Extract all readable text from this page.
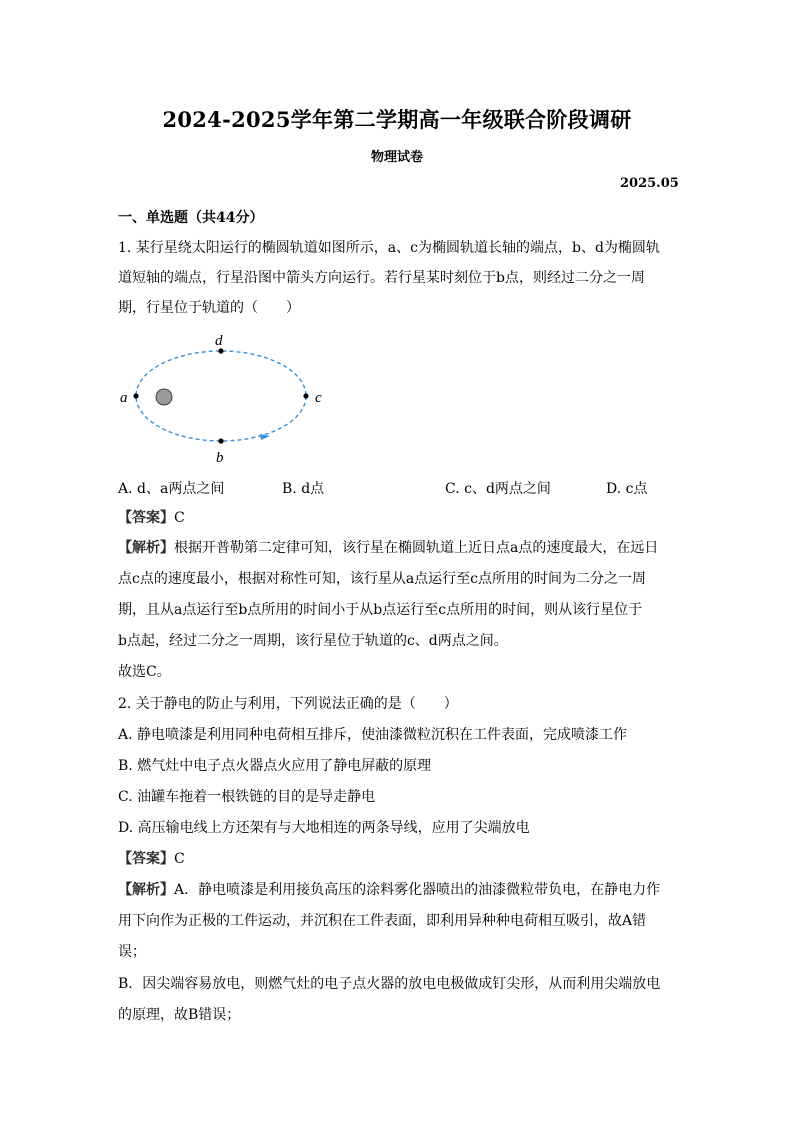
2024-2025学年第二学期高一年级联合阶段调研
物理试卷
2025.05
一、单选题（共44分）
1. 某行星绕太阳运行的椭圆轨道如图所示，a、c为椭圆轨道长轴的端点，b、d为椭圆轨
道短轴的端点，行星沿图中箭头方向运行。若行星某时刻位于b点，则经过二分之一周
期，行星位于轨道的（　　）
a	c
d
b
A. d、a两点之间	B. d点	C. c、d两点之间	D. c点
【答案】C
【解析】根据开普勒第二定律可知，该行星在椭圆轨道上近日点a点的速度最大，在远日
点c点的速度最小，根据对称性可知，该行星从a点运行至c点所用的时间为二分之一周
期，且从a点运行至b点所用的时间小于从b点运行至c点所用的时间，则从该行星位于
b点起，经过二分之一周期，该行星位于轨道的c、d两点之间。
故选C。
2. 关于静电的防止与利用，下列说法正确的是（　　）
A. 静电喷漆是利用同种电荷相互排斥，使油漆微粒沉积在工件表面，完成喷漆工作
B. 燃气灶中电子点火器点火应用了静电屏蔽的原理
C. 油罐车拖着一根铁链的目的是导走静电
D. 高压输电线上方还架有与大地相连的两条导线，应用了尖端放电
【答案】C
【解析】A．静电喷漆是利用接负高压的涂料雾化器喷出的油漆微粒带负电，在静电力作
用下向作为正极的工件运动，并沉积在工件表面，即利用异种种电荷相互吸引，故A错
误；
B．因尖端容易放电，则燃气灶的电子点火器的放电电极做成钉尖形，从而利用尖端放电
的原理，故B错误；
